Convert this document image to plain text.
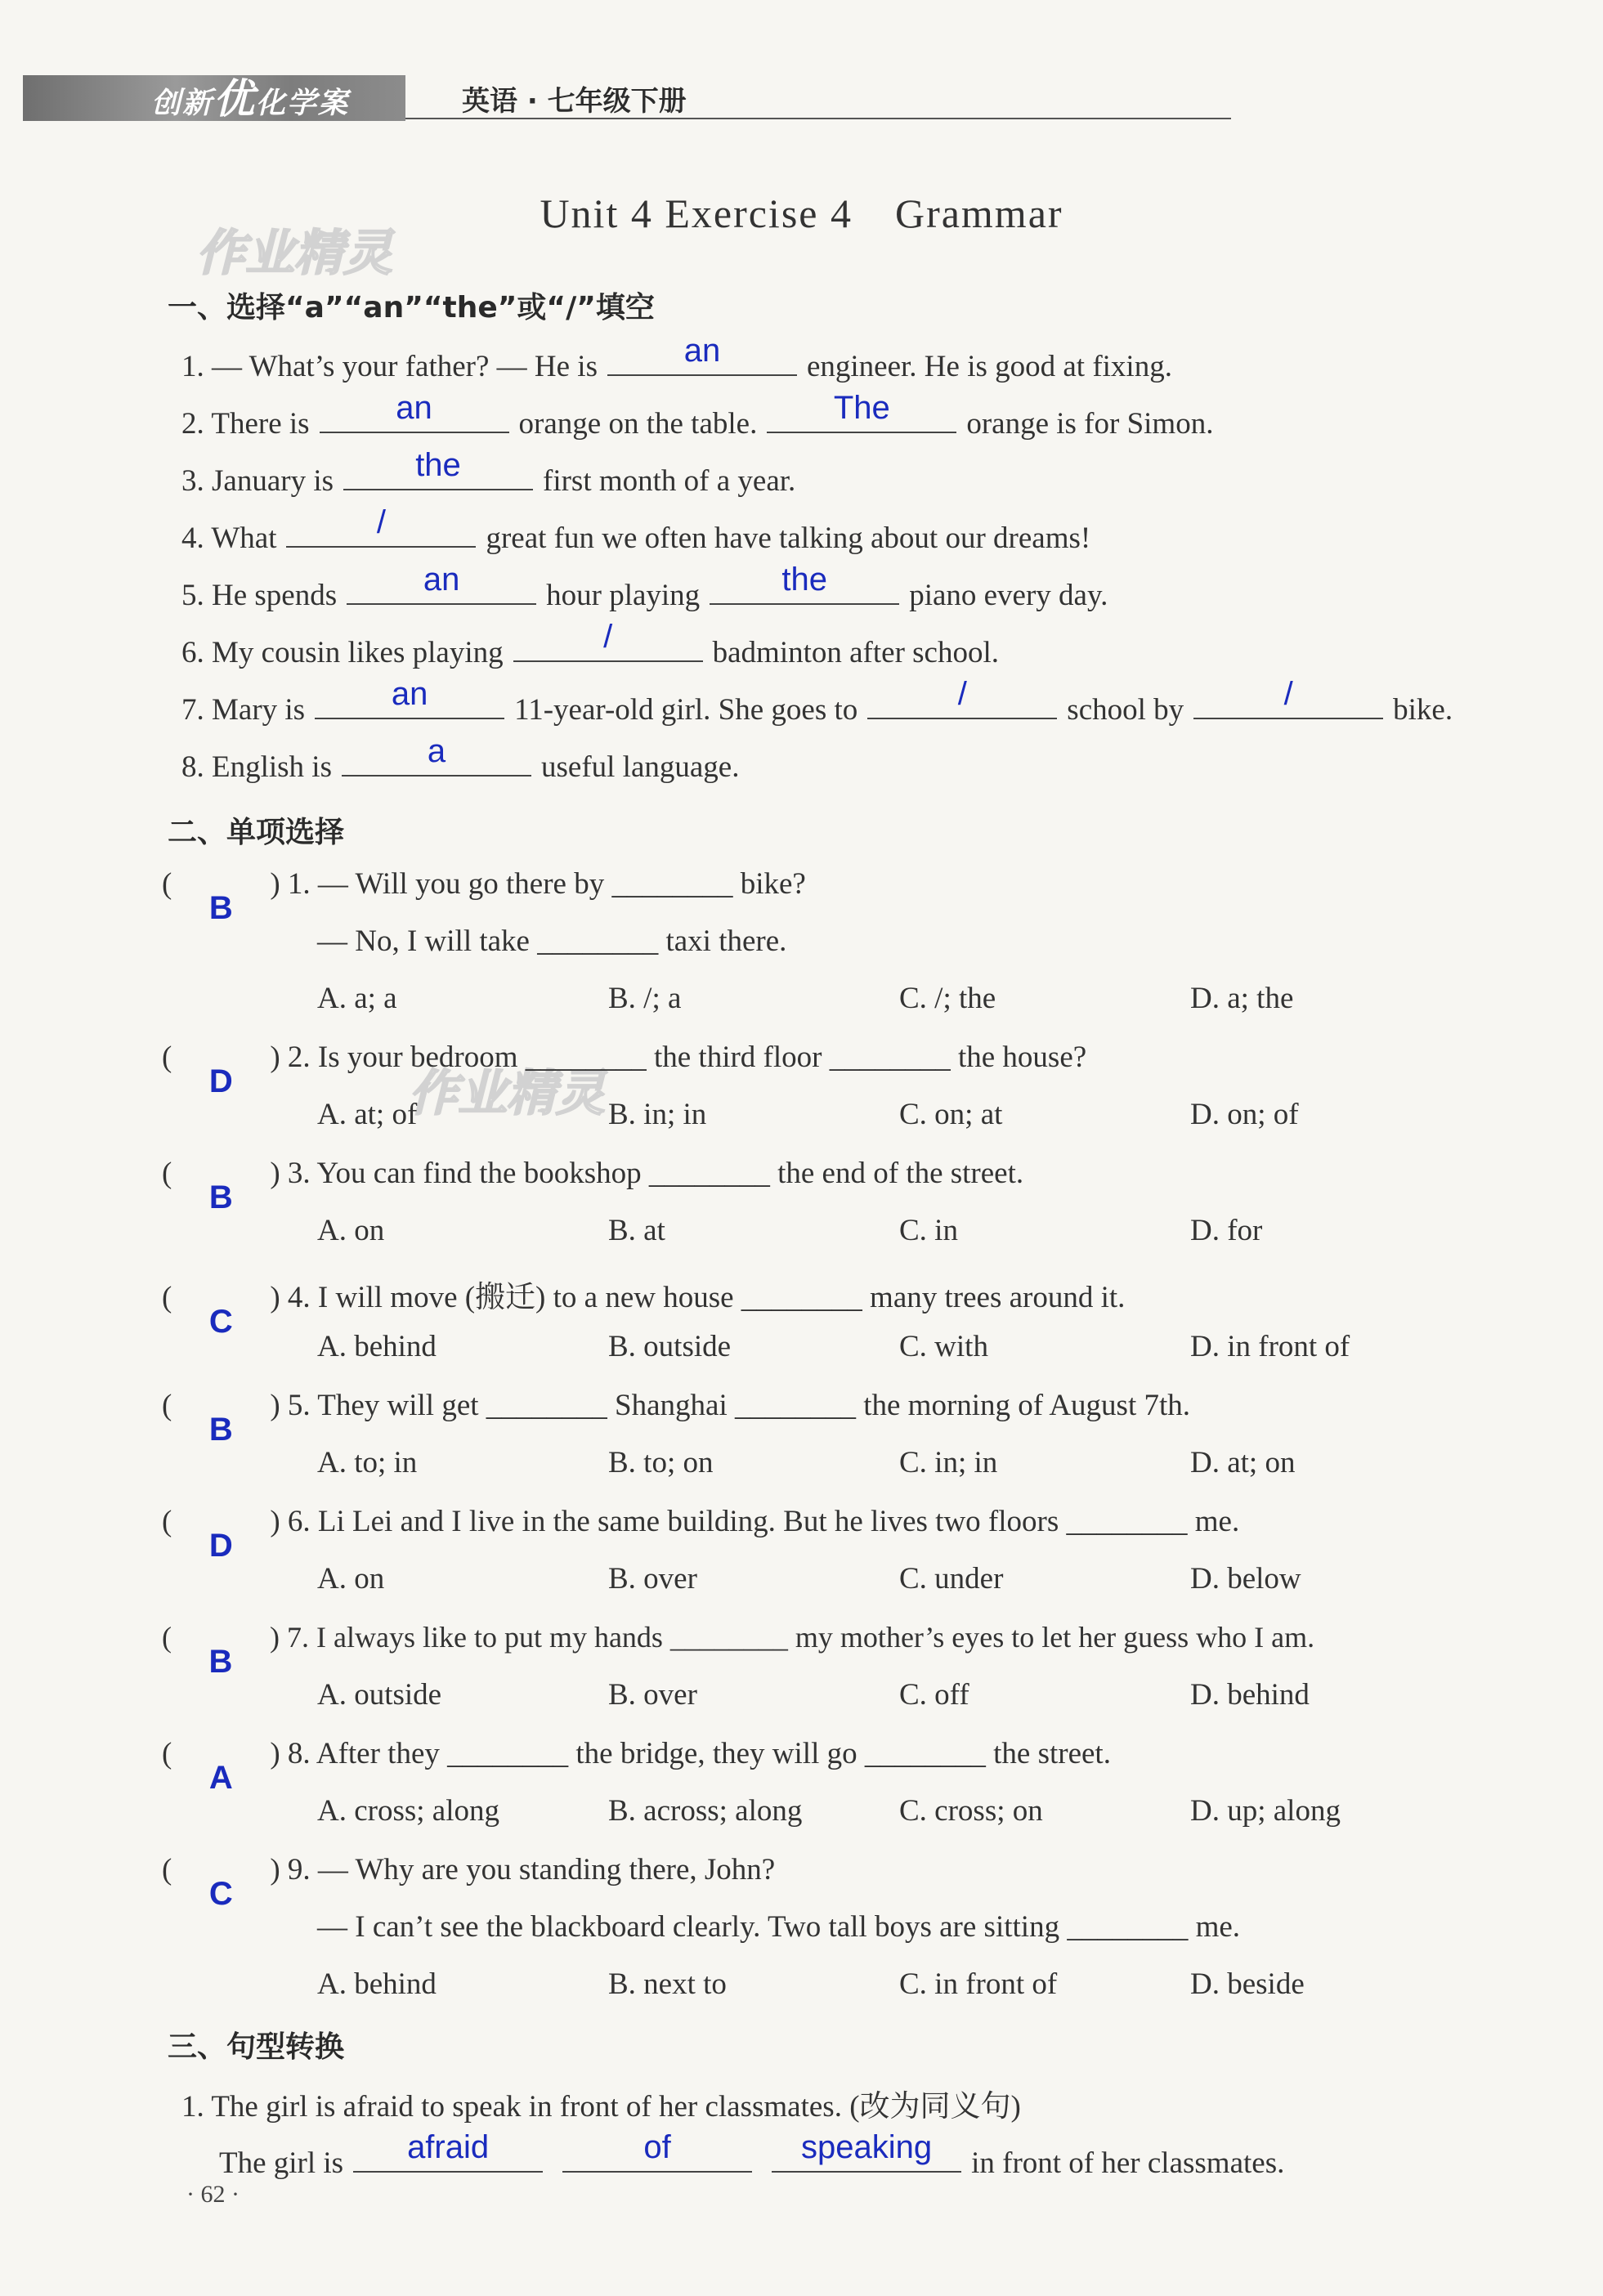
创新优化学案	英语 · 七年级下册
作业精灵
作业精灵
Unit 4 Exercise 4 Grammar
一、选择“a”“an”“the”或“/”填空
1. — What’s your father? — He is	an	engineer. He is good at fixing.
2. There is	an	orange on the table.	The	orange is for Simon.
3. January is	the	first month of a year.
4. What	/	great fun we often have talking about our dreams!
5. He spends	an	hour playing	the	piano every day.
6. My cousin likes playing	/	badminton after school.
7. Mary is	an	11-year-old girl. She goes to	/	school by	/	bike.
8. English is	a	useful language.
二、单项选择
(
B
) 1. — Will you go there by ________ bike?
— No, I will take ________ taxi there.
A. a; a	B. /; a	C. /; the	D. a; the
(
D
) 2. Is your bedroom ________ the third floor ________ the house?
A. at; of	B. in; in	C. on; at	D. on; of
(
B
) 3. You can find the bookshop ________ the end of the street.
A. on	B. at	C. in	D. for
(
C
) 4. I will move (搬迁) to a new house ________ many trees around it.
A. behind	B. outside	C. with	D. in front of
(
B
) 5. They will get ________ Shanghai ________ the morning of August 7th.
A. to; in	B. to; on	C. in; in	D. at; on
(
D
) 6. Li Lei and I live in the same building. But he lives two floors ________ me.
A. on	B. over	C. under	D. below
(
B
) 7. I always like to put my hands ________ my mother’s eyes to let her guess who I am.
A. outside	B. over	C. off	D. behind
(
A
) 8. After they ________ the bridge, they will go ________ the street.
A. cross; along	B. across; along	C. cross; on	D. up; along
(
C
) 9. — Why are you standing there, John?
— I can’t see the blackboard clearly. Two tall boys are sitting ________ me.
A. behind	B. next to	C. in front of	D. beside
三、句型转换
1. The girl is afraid to speak in front of her classmates. (改为同义句)
The girl is	afraid	of	speaking	in front of her classmates.
· 62 ·
